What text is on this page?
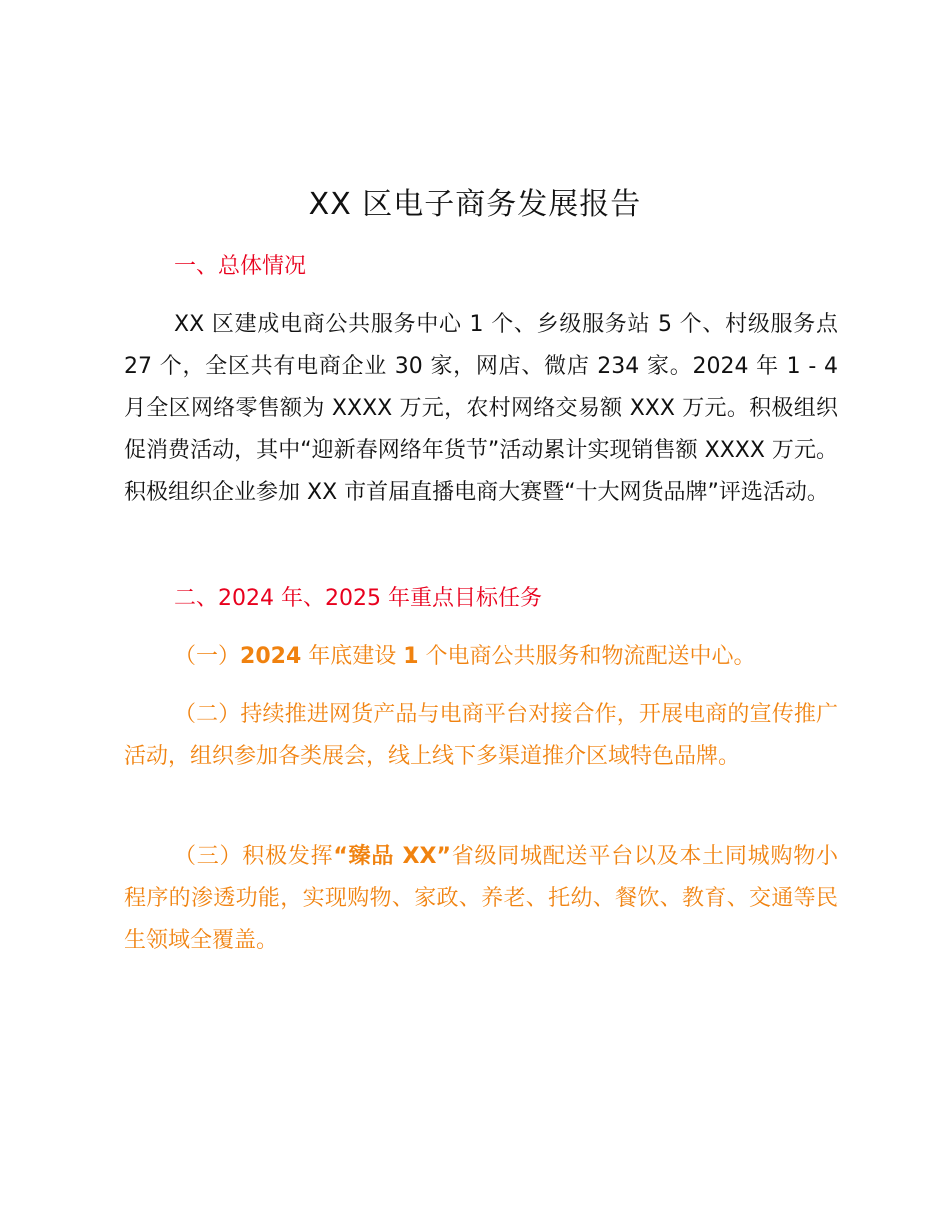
XX 区电子商务发展报告

一、总体情况

XX 区建成电商公共服务中心 1 个、乡级服务站 5 个、村级服务点 27 个，全区共有电商企业 30 家，网店、微店 234 家。2024 年 1 - 4 月全区网络零售额为 XXXX 万元，农村网络交易额 XXX 万元。积极组织促消费活动，其中“迎新春网络年货节”活动累计实现销售额 XXXX 万元。积极组织企业参加 XX 市首届直播电商大赛暨“十大网货品牌”评选活动。

二、2024 年、2025 年重点目标任务

（一）2024 年底建设 1 个电商公共服务和物流配送中心。

（二）持续推进网货产品与电商平台对接合作，开展电商的宣传推广活动，组织参加各类展会，线上线下多渠道推介区域特色品牌。

（三）积极发挥“臻品 XX”省级同城配送平台以及本土同城购物小程序的渗透功能，实现购物、家政、养老、托幼、餐饮、教育、交通等民生领域全覆盖。
